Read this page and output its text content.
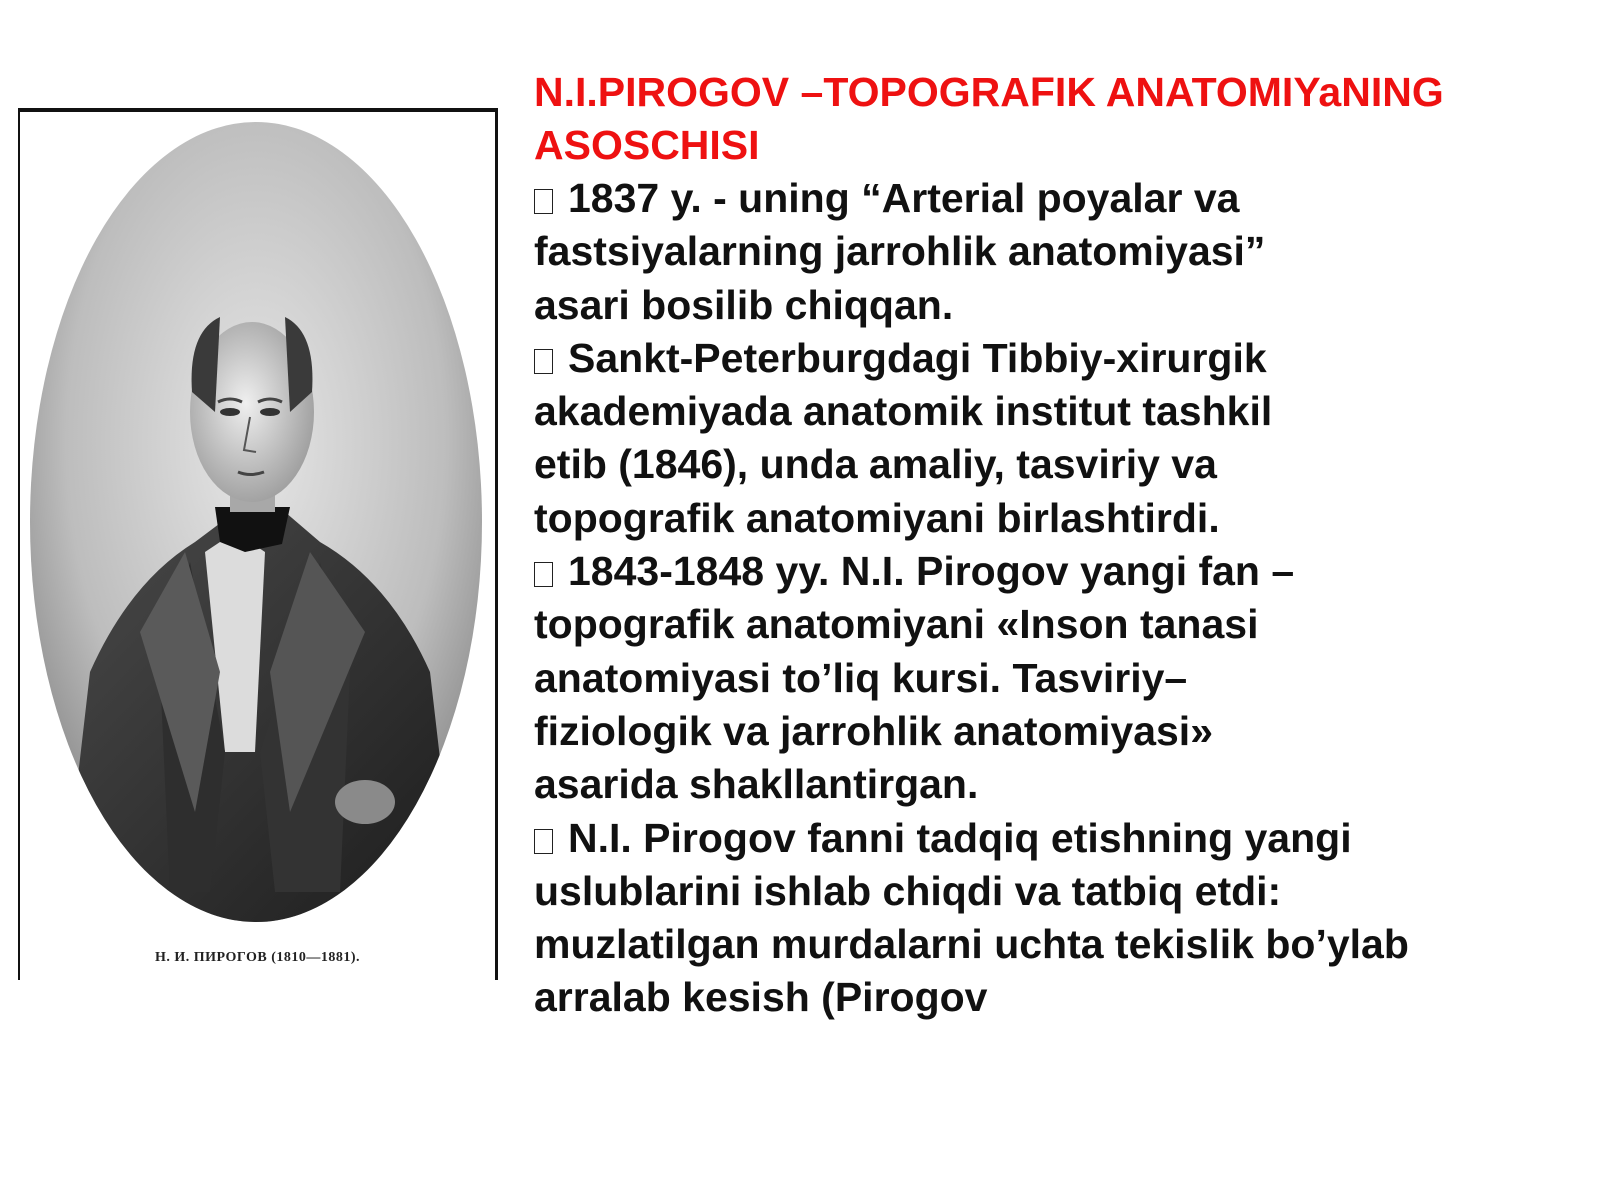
Н. И. ПИРОГОВ (1810—1881).

N.I.PIROGOV –TOPOGRAFIK ANATOMIYaNING ASOSCHISI

1837 y. - uning “Arterial poyalar va

fastsiyalarning jarrohlik anatomiyasi”

asari bosilib chiqqan.

Sankt-Peterburgdagi Tibbiy-xirurgik

akademiyada anatomik institut tashkil

etib (1846), unda amaliy, tasviriy va

topografik anatomiyani birlashtirdi.

1843-1848 yy. N.I. Pirogov yangi fan –

topografik anatomiyani «Inson tanasi

anatomiyasi to’liq kursi. Tasviriy–

fiziologik va jarrohlik anatomiyasi»

asarida shakllantirgan.

N.I. Pirogov fanni tadqiq etishning yangi

uslublarini ishlab chiqdi va tatbiq etdi:

muzlatilgan murdalarni uchta tekislik bo’ylab

arralab kesish (Pirogov
